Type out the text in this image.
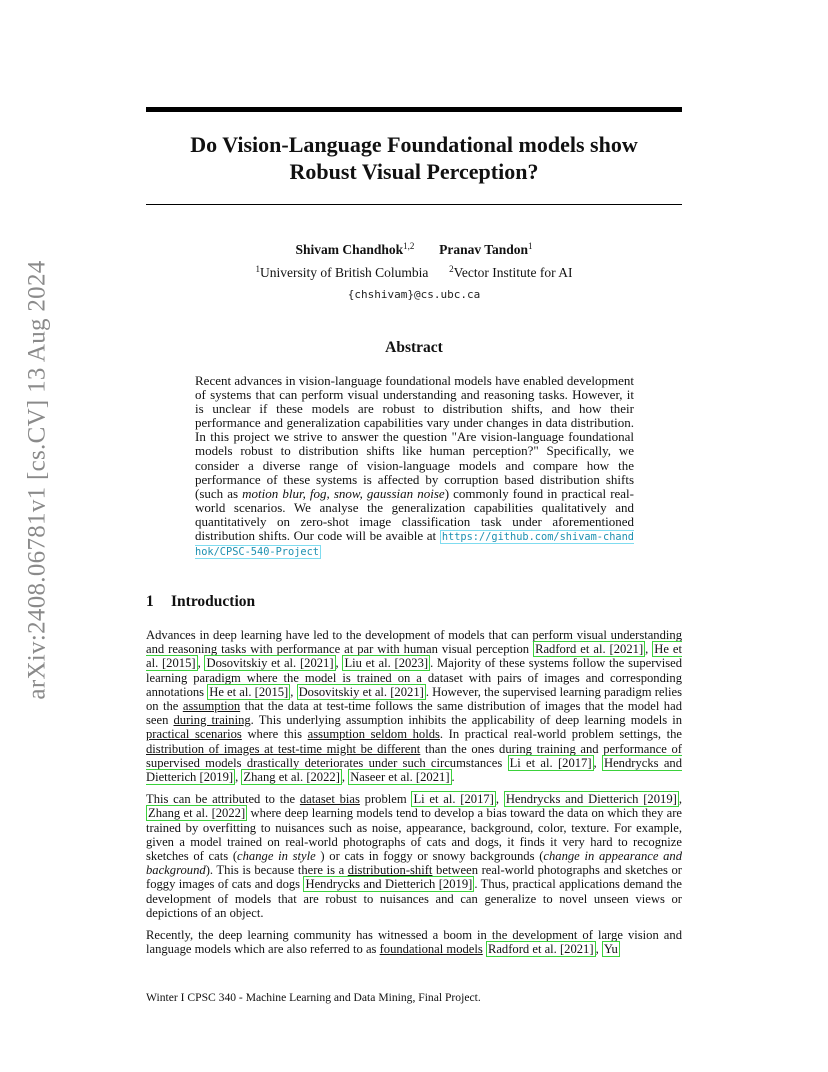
arXiv:2408.06781v1 [cs.CV] 13 Aug 2024
Do Vision-Language Foundational models show
Robust Visual Perception?
Shivam Chandhok$^{1,2}$ Pranav Tandon$^1$
$^1$University of British Columbia $^2$Vector Institute for AI
{chshivam}@cs.ubc.ca
Abstract

Recent advances in vision-language foundational models have enabled development of systems that can perform visual understanding and reasoning tasks. However, it is unclear if these models are robust to distribution shifts, and how their performance and generalization capabilities vary under changes in data distribution. In this project we strive to answer the question "Are vision-language foundational models robust to distribution shifts like human perception?" Specifically, we consider a diverse range of vision-language models and compare how the performance of these systems is affected by corruption based distribution shifts (such as motion blur, fog, snow, gaussian noise) commonly found in practical real-world scenarios. We analyse the generalization capabilities qualitatively and quantitatively on zero-shot image classification task under aforementioned distribution shifts. Our code will be avaible at https://github.com/shivam-chandhok/CPSC-540-Project

1 Introduction

Advances in deep learning have led to the development of models that can perform visual understanding and reasoning tasks with performance at par with human visual perception Radford et al. [2021] , He et al. [2015] , Dosovitskiy et al. [2021] , Liu et al. [2023] . Majority of these systems follow the supervised learning paradigm where the model is trained on a dataset with pairs of images and corresponding annotations He et al. [2015] , Dosovitskiy et al. [2021] . However, the supervised learning paradigm relies on the assumption that the data at test-time follows the same distribution of images that the model had seen during training. This underlying assumption inhibits the applicability of deep learning models in practical scenarios where this assumption seldom holds. In practical real-world problem settings, the distribution of images at test-time might be different than the ones during training and performance of supervised models drastically deteriorates under such circumstances Li et al. [2017] , Hendrycks and Dietterich [2019] , Zhang et al. [2022] , Naseer et al. [2021] .

This can be attributed to the dataset bias problem Li et al. [2017] , Hendrycks and Dietterich [2019] , Zhang et al. [2022] where deep learning models tend to develop a bias toward the data on which they are trained by overfitting to nuisances such as noise, appearance, background, color, texture. For example, given a model trained on real-world photographs of cats and dogs, it finds it very hard to recognize sketches of cats (change in style ) or cats in foggy or snowy backgrounds (change in appearance and background). This is because there is a distribution-shift between real-world photographs and sketches or foggy images of cats and dogs Hendrycks and Dietterich [2019] . Thus, practical applications demand the development of models that are robust to nuisances and can generalize to novel unseen views or depictions of an object.

Recently, the deep learning community has witnessed a boom in the development of large vision and language models which are also referred to as foundational models Radford et al. [2021] , Yu

Winter I CPSC 340 - Machine Learning and Data Mining, Final Project.
